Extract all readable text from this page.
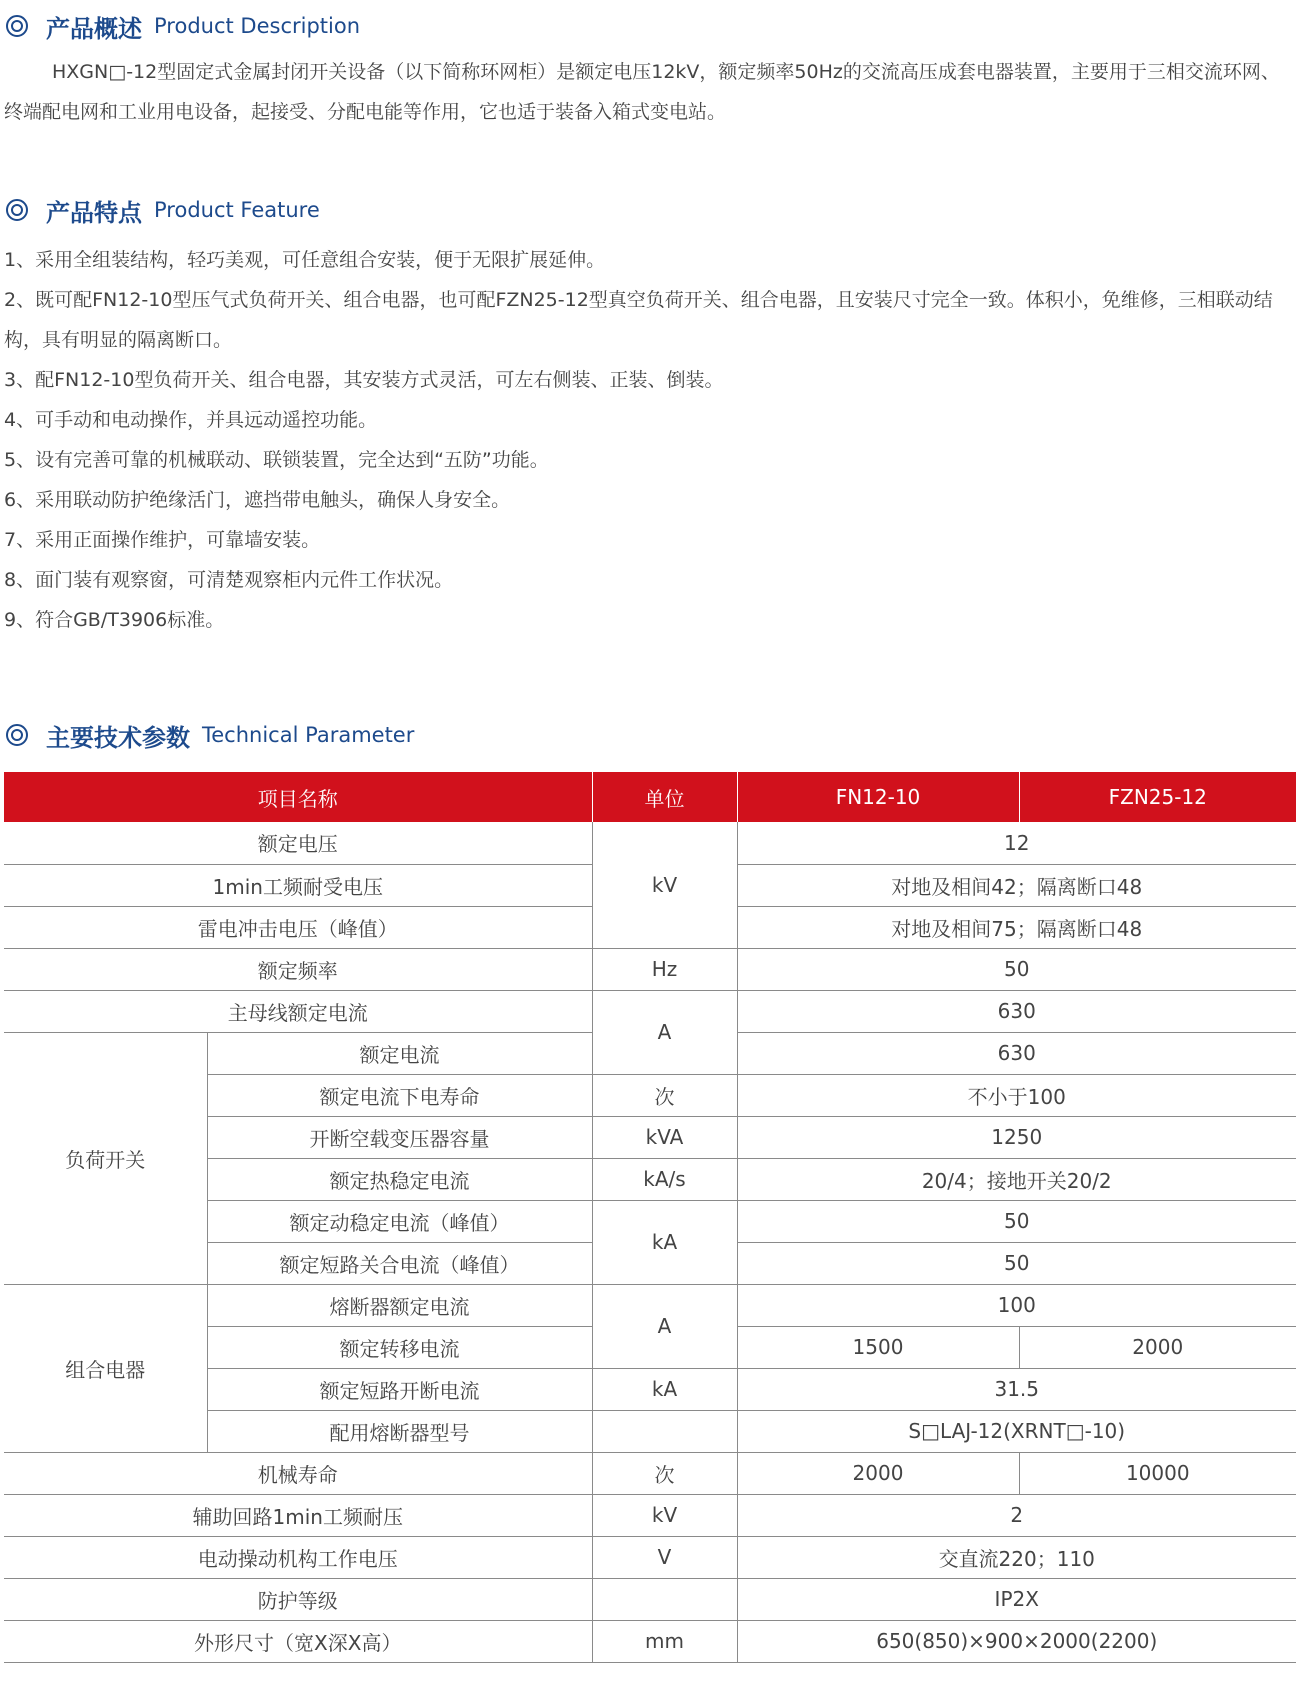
产品概述 Product Description
HXGN□-12型固定式金属封闭开关设备（以下简称环网柜）是额定电压12kV，额定频率50Hz的交流高压成套电器装置，主要用于三相交流环网、终端配电网和工业用电设备，起接受、分配电能等作用，它也适于装备入箱式变电站。
产品特点 Product Feature

1、采用全组装结构，轻巧美观，可任意组合安装，便于无限扩展延伸。

2、既可配FN12-10型压气式负荷开关、组合电器，也可配FZN25-12型真空负荷开关、组合电器，且安装尺寸完全一致。体积小，免维修，三相联动结构，具有明显的隔离断口。

3、配FN12-10型负荷开关、组合电器，其安装方式灵活，可左右侧装、正装、倒装。

4、可手动和电动操作，并具远动遥控功能。

5、设有完善可靠的机械联动、联锁装置，完全达到“五防”功能。

6、采用联动防护绝缘活门，遮挡带电触头，确保人身安全。

7、采用正面操作维护，可靠墙安装。

8、面门装有观察窗，可清楚观察柜内元件工作状况。

9、符合GB/T3906标准。

主要技术参数 Technical Parameter
项目名称		单位	FN12-10	FZN25-12
额定电压		kV	12	
1min工频耐受电压			对地及相间42；隔离断口48	
雷电冲击电压（峰值）			对地及相间75；隔离断口48	
额定频率		Hz	50	
主母线额定电流		A	630	
负荷开关	额定电流		630	
	额定电流下电寿命	次	不小于100	
	开断空载变压器容量	kVA	1250	
	额定热稳定电流	kA/s	20/4；接地开关20/2	
	额定动稳定电流（峰值）	kA	50	
	额定短路关合电流（峰值）		50	
组合电器	熔断器额定电流	A	100	
	额定转移电流		1500	2000
	额定短路开断电流	kA	31.5	
	配用熔断器型号		S□LAJ-12(XRNT□-10)	
机械寿命		次	2000	10000
辅助回路1min工频耐压		kV	2	
电动操动机构工作电压		V	交直流220；110	
防护等级			IP2X	
外形尺寸（宽X深X高）		mm	650(850)×900×2000(2200)	
